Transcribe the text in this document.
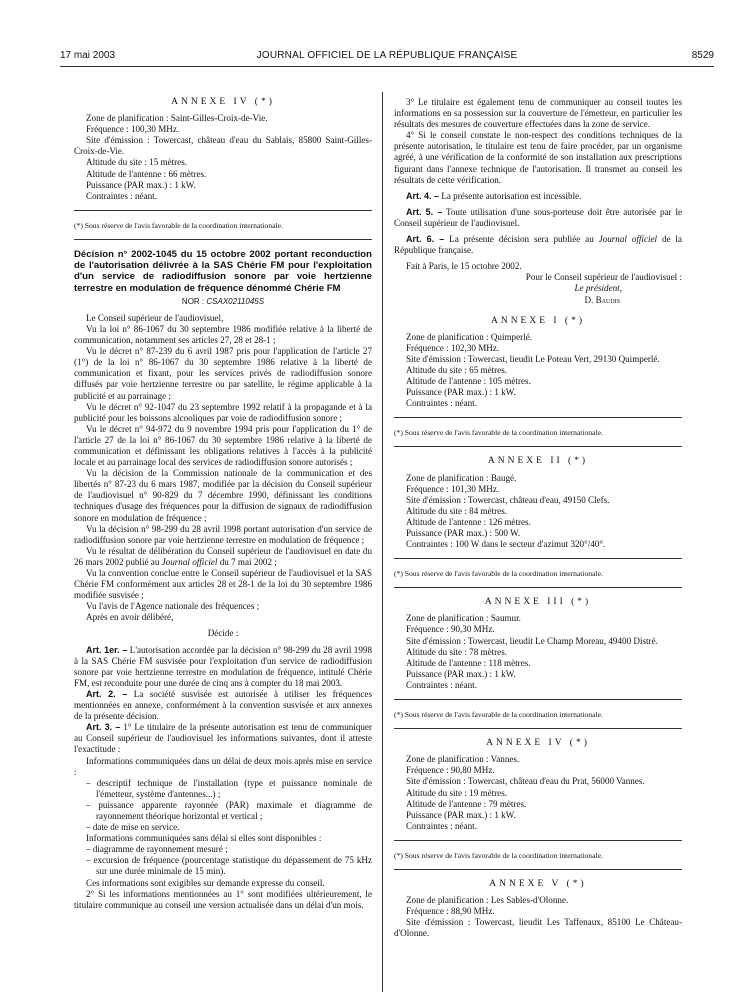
17 mai 2003	JOURNAL OFFICIEL DE LA RÉPUBLIQUE FRANÇAISE	8529

ANNEXE IV (*)

Zone de planification : Saint-Gilles-Croix-de-Vie.

Fréquence : 100,30 MHz.

Site d'émission : Towercast, château d'eau du Sablais, 85800 Saint-Gilles-Croix-de-Vie.

Altitude du site : 15 mètres.

Altitude de l'antenne : 66 mètres.

Puissance (PAR max.) : 1 kW.

Contraintes : néant.

(*) Sous réserve de l'avis favorable de la coordination internationale.

Décision n° 2002-1045 du 15 octobre 2002 portant reconduction de l'autorisation délivrée à la SAS Chérie FM pour l'exploitation d'un service de radiodiffusion sonore par voie hertzienne terrestre en modulation de fréquence dénommé Chérie FM

NOR : CSAX0211045S

Le Conseil supérieur de l'audiovisuel,

Vu la loi n° 86-1067 du 30 septembre 1986 modifiée relative à la liberté de communication, notamment ses articles 27, 28 et 28-1 ;

Vu le décret n° 87-239 du 6 avril 1987 pris pour l'application de l'article 27 (1°) de la loi n° 86-1067 du 30 septembre 1986 relative à la liberté de communication et fixant, pour les services privés de radiodiffusion sonore diffusés par voie hertzienne terrestre ou par satellite, le régime applicable à la publicité et au parrainage ;

Vu le décret n° 92-1047 du 23 septembre 1992 relatif à la propagande et à la publicité pour les boissons alcooliques par voie de radiodiffusion sonore ;

Vu le décret n° 94-972 du 9 novembre 1994 pris pour l'application du 1° de l'article 27 de la loi n° 86-1067 du 30 septembre 1986 relative à la liberté de communication et définissant les obligations relatives à l'accès à la publicité locale et au parrainage local des services de radiodiffusion sonore autorisés ;

Vu la décision de la Commission nationale de la communication et des libertés n° 87-23 du 6 mars 1987, modifiée par la décision du Conseil supérieur de l'audiovisuel n° 90-829 du 7 décembre 1990, définissant les conditions techniques d'usage des fréquences pour la diffusion de signaux de radiodiffusion sonore en modulation de fréquence ;

Vu la décision n° 98-299 du 28 avril 1998 portant autorisation d'un service de radiodiffusion sonore par voie hertzienne terrestre en modulation de fréquence ;

Vu le résultat de délibération du Conseil supérieur de l'audiovisuel en date du 26 mars 2002 publié au Journal officiel du 7 mai 2002 ;

Vu la convention conclue entre le Conseil supérieur de l'audiovisuel et la SAS Chérie FM conformément aux articles 28 et 28-1 de la loi du 30 septembre 1986 modifiée susvisée ;

Vu l'avis de l'Agence nationale des fréquences ;

Après en avoir délibéré,

Décide :

Art. 1er. – L'autorisation accordée par la décision n° 98-299 du 28 avril 1998 à la SAS Chérie FM susvisée pour l'exploitation d'un service de radiodiffusion sonore par voie hertzienne terrestre en modulation de fréquence, intitulé Chérie FM, est reconduite pour une durée de cinq ans à compter du 18 mai 2003.

Art. 2. – La société susvisée est autorisée à utiliser les fréquences mentionnées en annexe, conformément à la convention susvisée et aux annexes de la présente décision.

Art. 3. – 1° Le titulaire de la présente autorisation est tenu de communiquer au Conseil supérieur de l'audiovisuel les informations suivantes, dont il atteste l'exactitude :

Informations communiquées dans un délai de deux mois après mise en service :

– descriptif technique de l'installation (type et puissance nominale de l'émetteur, système d'antennes...) ;

– puissance apparente rayonnée (PAR) maximale et diagramme de rayonnement théorique horizontal et vertical ;

– date de mise en service.

Informations communiquées sans délai si elles sont disponibles :

– diagramme de rayonnement mesuré ;

– excursion de fréquence (pourcentage statistique du dépassement de 75 kHz sur une durée minimale de 15 min).

Ces informations sont exigibles sur demande expresse du conseil.

2° Si les informations mentionnées au 1° sont modifiées ultérieurement, le titulaire communique au conseil une version actualisée dans un délai d'un mois.

3° Le titulaire est également tenu de communiquer au conseil toutes les informations en sa possession sur la couverture de l'émetteur, en particulier les résultats des mesures de couverture effectuées dans la zone de service.

4° Si le conseil constate le non-respect des conditions techniques de la présente autorisation, le titulaire est tenu de faire procéder, par un organisme agréé, à une vérification de la conformité de son installation aux prescriptions figurant dans l'annexe technique de l'autorisation. Il transmet au conseil les résultats de cette vérification.

Art. 4. – La présente autorisation est incessible.

Art. 5. – Toute utilisation d'une sous-porteuse doit être autorisée par le Conseil supérieur de l'audiovisuel.

Art. 6. – La présente décision sera publiée au Journal officiel de la République française.

Fait à Paris, le 15 octobre 2002.

Pour le Conseil supérieur de l'audiovisuel :

Le président,

D. Baudis

ANNEXE I (*)

Zone de planification : Quimperlé.

Fréquence : 102,30 MHz.

Site d'émission : Towercast, lieudit Le Poteau Vert, 29130 Quimperlé.

Altitude du site : 65 mètres.

Altitude de l'antenne : 105 mètres.

Puissance (PAR max.) : 1 kW.

Contraintes : néant.

(*) Sous réserve de l'avis favorable de la coordination internationale.

ANNEXE II (*)

Zone de planification : Baugé.

Fréquence : 101,30 MHz.

Site d'émission : Towercast, château d'eau, 49150 Clefs.

Altitude du site : 84 mètres.

Altitude de l'antenne : 126 mètres.

Puissance (PAR max.) : 500 W.

Contraintes : 100 W dans le secteur d'azimut 320°/40°.

(*) Sous réserve de l'avis favorable de la coordination internationale.

ANNEXE III (*)

Zone de planification : Saumur.

Fréquence : 90,30 MHz.

Site d'émission : Towercast, lieudit Le Champ Moreau, 49400 Distré.

Altitude du site : 78 mètres.

Altitude de l'antenne : 118 mètres.

Puissance (PAR max.) : 1 kW.

Contraintes : néant.

(*) Sous réserve de l'avis favorable de la coordination internationale.

ANNEXE IV (*)

Zone de planification : Vannes.

Fréquence : 90,80 MHz.

Site d'émission : Towercast, château d'eau du Prat, 56000 Vannes.

Altitude du site : 19 mètres.

Altitude de l'antenne : 79 mètres.

Puissance (PAR max.) : 1 kW.

Contraintes : néant.

(*) Sous réserve de l'avis favorable de la coordination internationale.

ANNEXE V (*)

Zone de planification : Les Sables-d'Olonne.

Fréquence : 88,90 MHz.

Site d'émission : Towercast, lieudit Les Taffenaux, 85100 Le Château-d'Olonne.
